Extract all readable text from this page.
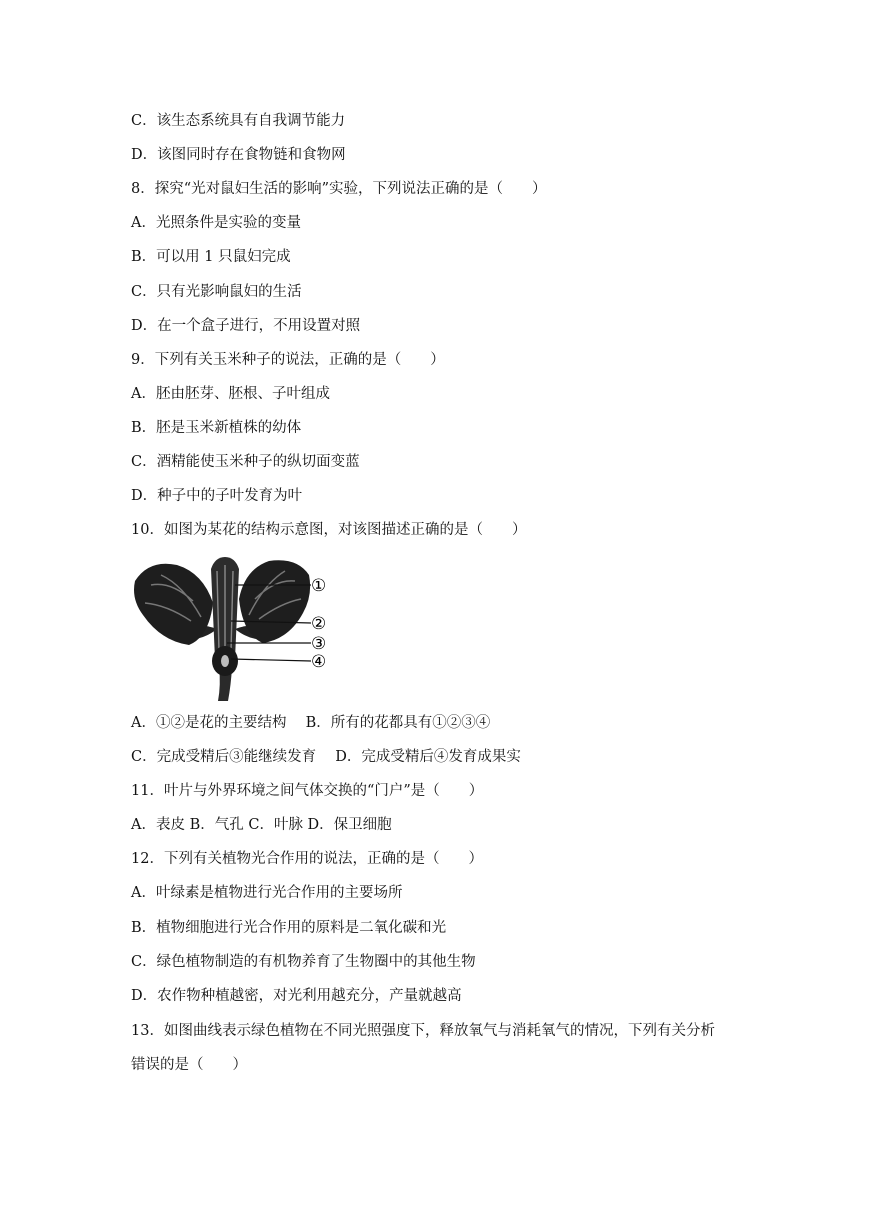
C．该生态系统具有自我调节能力
D．该图同时存在食物链和食物网
8．探究“光对鼠妇生活的影响”实验，下列说法正确的是（　　）
A．光照条件是实验的变量
B．可以用 1 只鼠妇完成
C．只有光影响鼠妇的生活
D．在一个盒子进行，不用设置对照
9．下列有关玉米种子的说法，正确的是（　　）
A．胚由胚芽、胚根、子叶组成
B．胚是玉米新植株的幼体
C．酒精能使玉米种子的纵切面变蓝
D．种子中的子叶发育为叶
10．如图为某花的结构示意图，对该图描述正确的是（　　）
①
②
③
④
A．①②是花的主要结构　 B．所有的花都具有①②③④
C．完成受精后③能继续发育　 D．完成受精后④发育成果实
11．叶片与外界环境之间气体交换的“门户”是（　　）
A．表皮 B．气孔 C．叶脉 D．保卫细胞
12．下列有关植物光合作用的说法，正确的是（　　）
A．叶绿素是植物进行光合作用的主要场所
B．植物细胞进行光合作用的原料是二氧化碳和光
C．绿色植物制造的有机物养育了生物圈中的其他生物
D．农作物种植越密，对光利用越充分，产量就越高
13．如图曲线表示绿色植物在不同光照强度下，释放氧气与消耗氧气的情况，下列有关分析
错误的是（　　）
